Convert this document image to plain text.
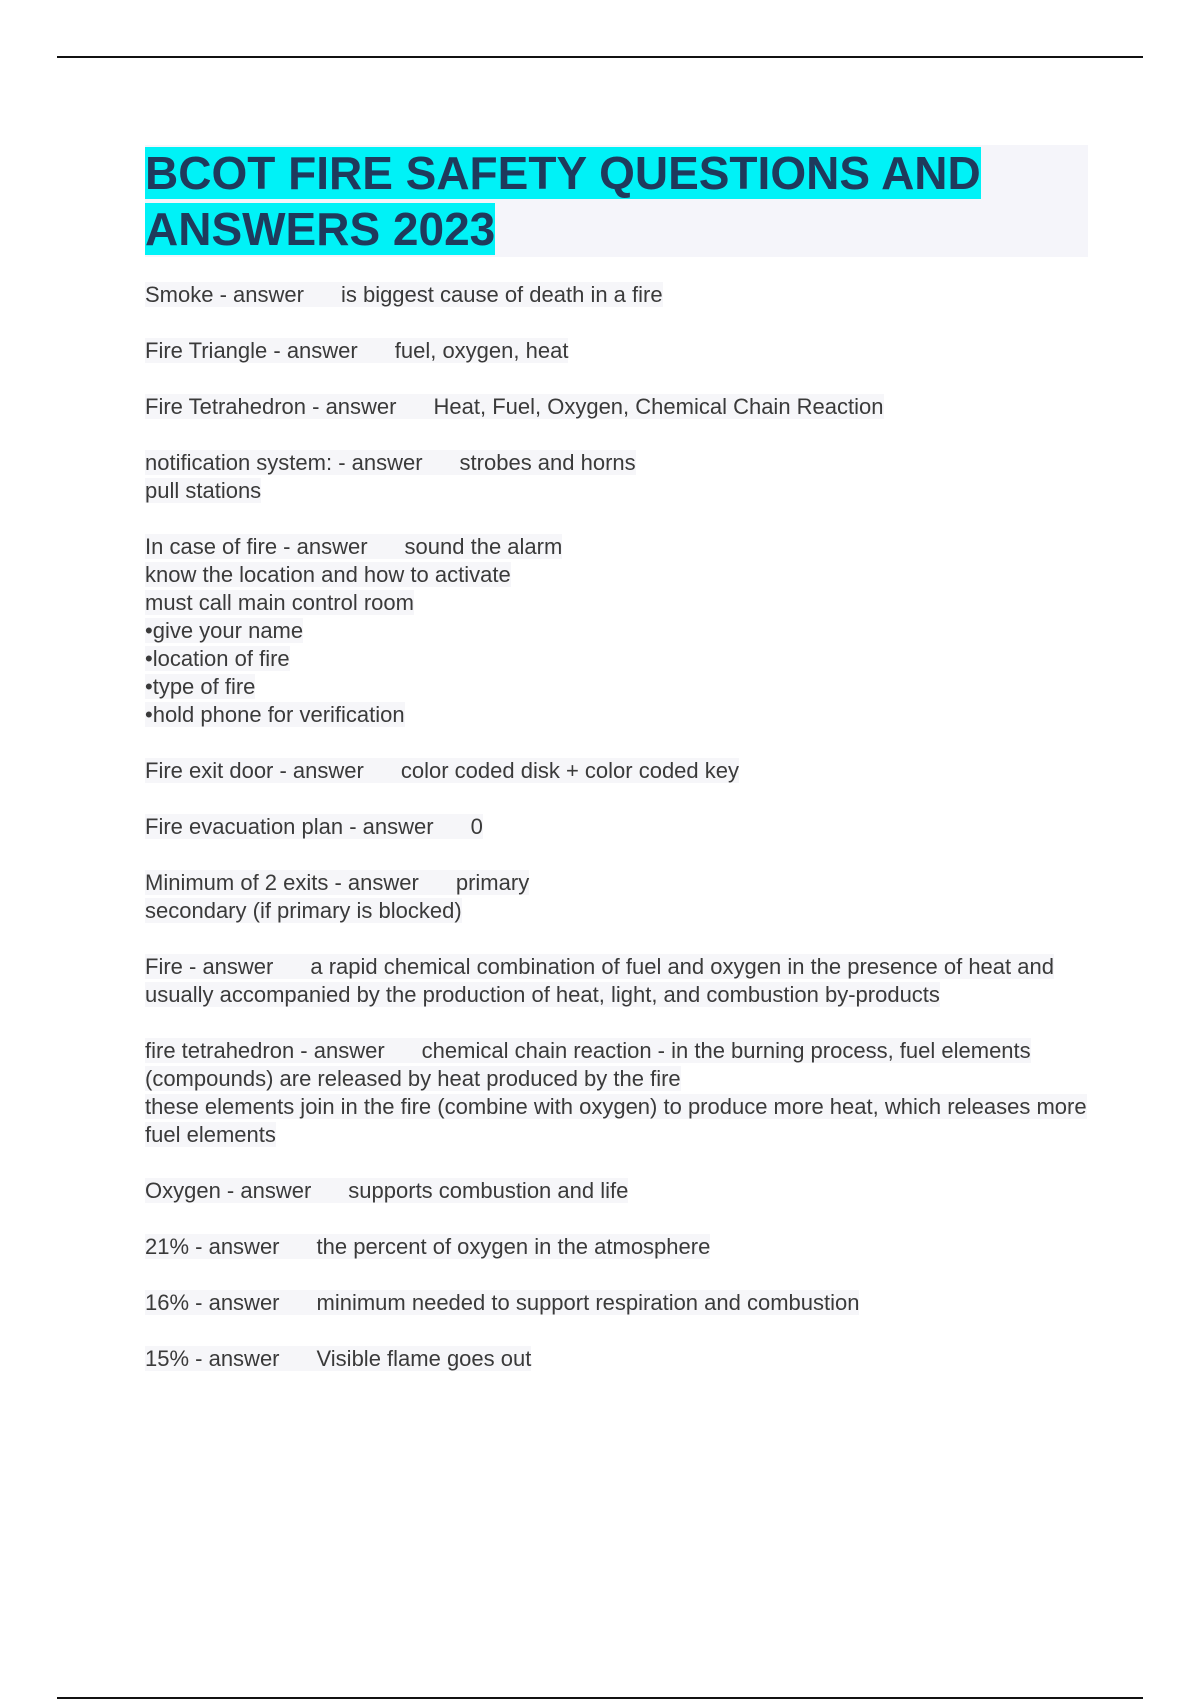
BCOT FIRE SAFETY QUESTIONS AND
ANSWERS 2023
Smoke - answer is biggest cause of death in a fire
Fire Triangle - answer fuel, oxygen, heat
Fire Tetrahedron - answer Heat, Fuel, Oxygen, Chemical Chain Reaction
notification system: - answer strobes and horns
pull stations
In case of fire - answer sound the alarm
know the location and how to activate
must call main control room
•give your name
•location of fire
•type of fire
•hold phone for verification
Fire exit door - answer color coded disk + color coded key
Fire evacuation plan - answer 0
Minimum of 2 exits - answer primary
secondary (if primary is blocked)
Fire - answer a rapid chemical combination of fuel and oxygen in the presence of heat and usually accompanied by the production of heat, light, and combustion by-products
fire tetrahedron - answer chemical chain reaction - in the burning process, fuel elements (compounds) are released by heat produced by the fire
these elements join in the fire (combine with oxygen) to produce more heat, which releases more fuel elements
Oxygen - answer supports combustion and life
21% - answer the percent of oxygen in the atmosphere
16% - answer minimum needed to support respiration and combustion
15% - answer Visible flame goes out
